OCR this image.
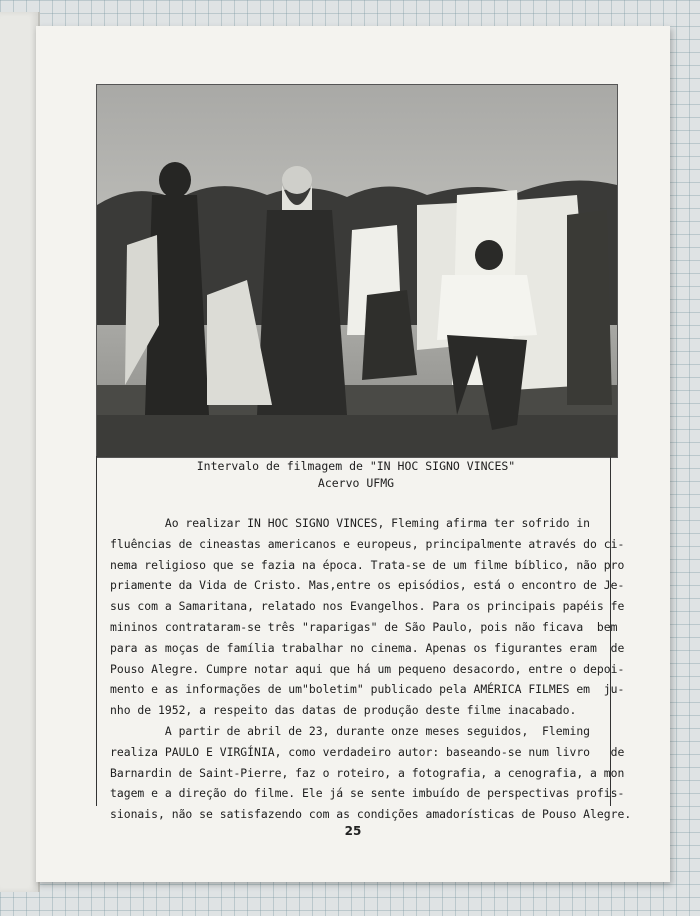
Intervalo de filmagem de "IN HOC SIGNO VINCES"
Acervo UFMG

Ao realizar IN HOC SIGNO VINCES, Fleming afirma ter sofrido in
fluências de cineastas americanos e europeus, principalmente através do ci-
nema religioso que se fazia na época. Trata-se de um filme bíblico, não pro
priamente da Vida de Cristo. Mas,entre os episódios, está o encontro de Je-
sus com a Samaritana, relatado nos Evangelhos. Para os principais papéis fe
mininos contrataram-se três "raparigas" de São Paulo, pois não ficava  bem
para as moças de família trabalhar no cinema. Apenas os figurantes eram  de
Pouso Alegre. Cumpre notar aqui que há um pequeno desacordo, entre o depoi-
mento e as informações de um"boletim" publicado pela AMÉRICA FILMES em  ju-
nho de 1952, a respeito das datas de produção deste filme inacabado.

A partir de abril de 23, durante onze meses seguidos,  Fleming
realiza PAULO E VIRGÍNIA, como verdadeiro autor: baseando-se num livro   de
Barnardin de Saint-Pierre, faz o roteiro, a fotografia, a cenografia, a mon
tagem e a direção do filme. Ele já se sente imbuído de perspectivas profis-
sionais, não se satisfazendo com as condições amadorísticas de Pouso Alegre.

25
